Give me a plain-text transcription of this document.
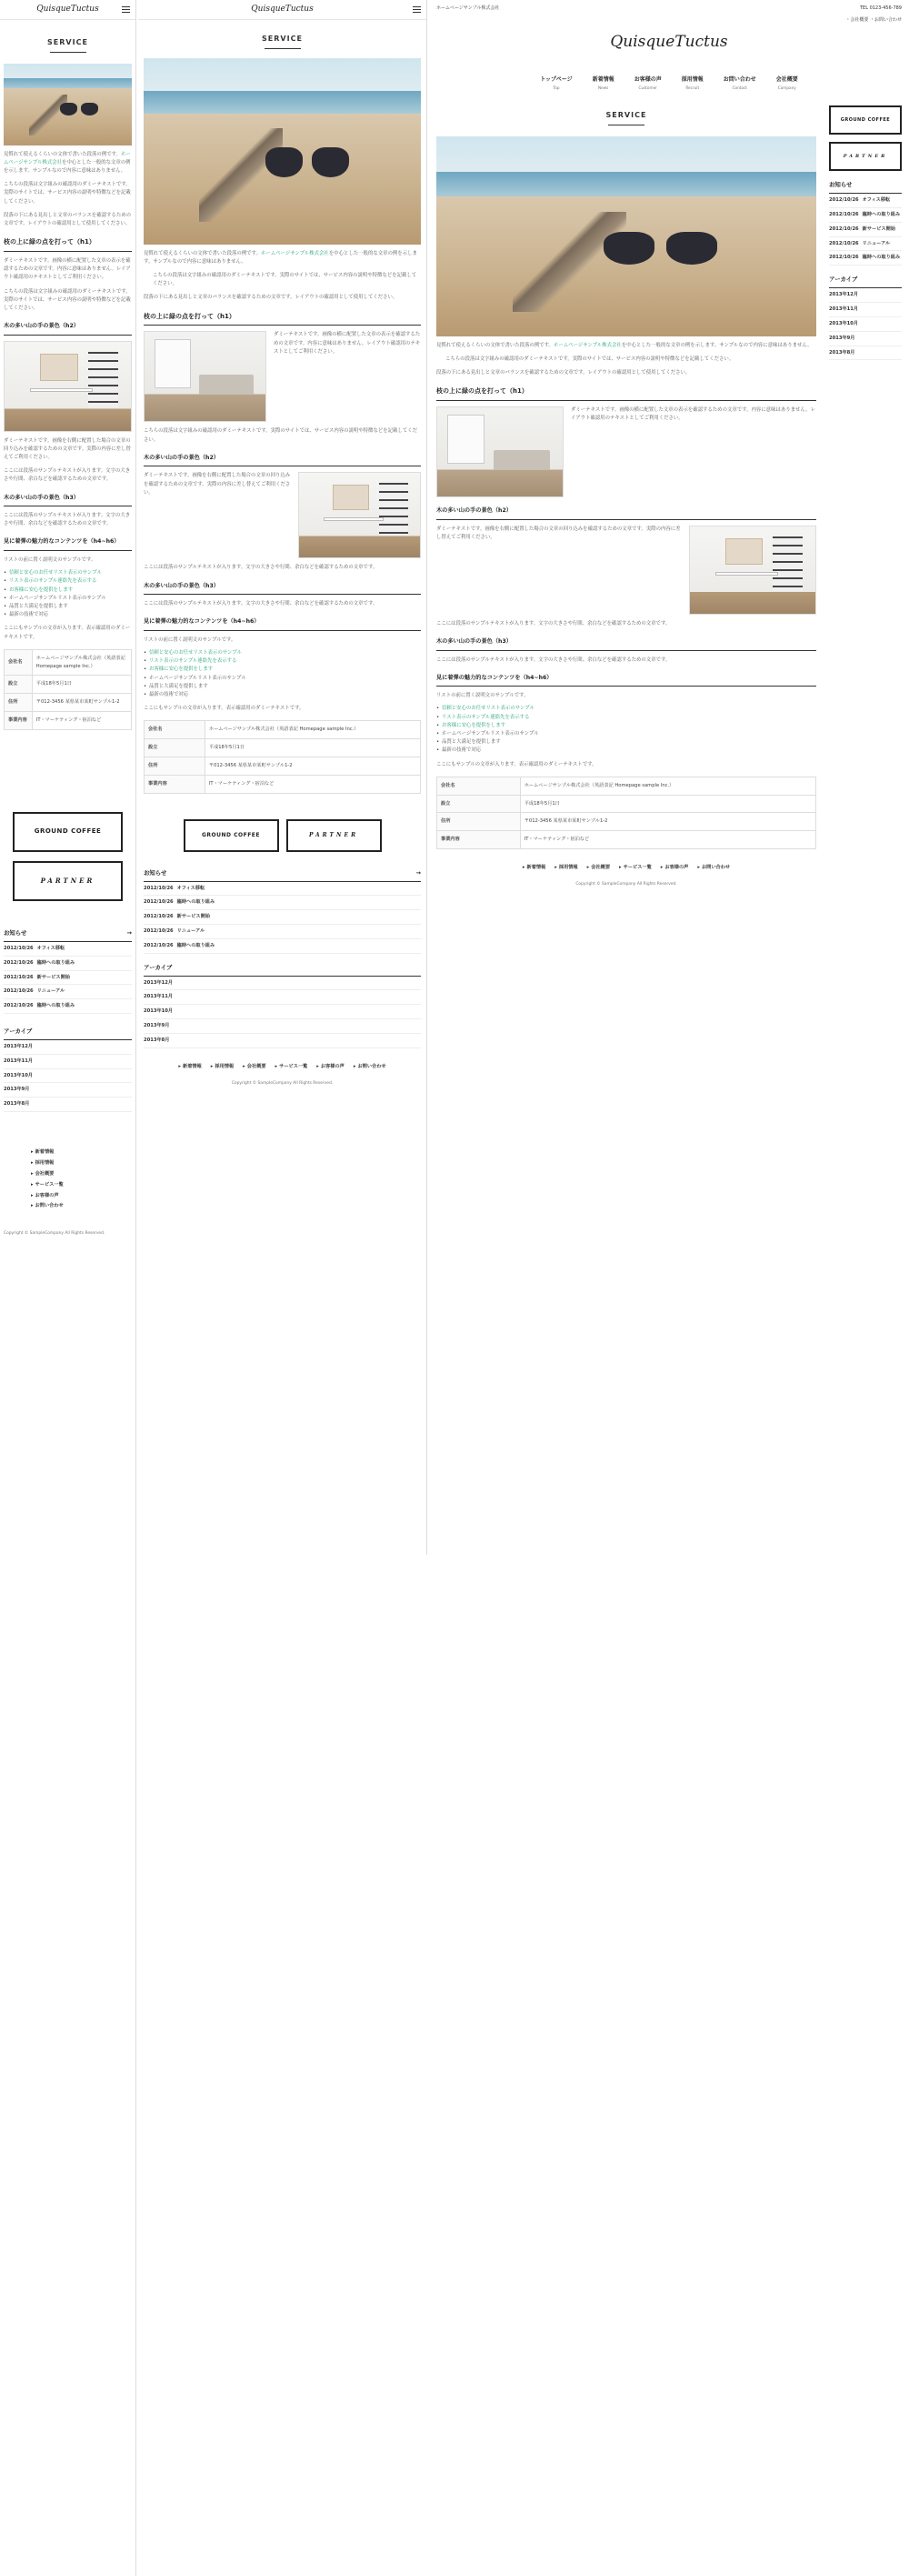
QuisqueTuctus
SERVICE

見慣れて使えるくらいの文体で書いた段落の例です。ホームページサンプル株式会社を中心とした一般的な文章の例を示します。サンプルなので内容に意味はありません。

こちらの段落は文字組みの確認用のダミーテキストです。実際のサイトでは、サービス内容の説明や特徴などを記載してください。

段落の下にある見出しと文章のバランスを確認するための文章です。レイアウトの確認用として使用してください。

枝の上に緑の点を打って（h1）

ダミーテキストです。画像の横に配置した文章の表示を確認するための文章です。内容に意味はありません。レイアウト確認用のテキストとしてご利用ください。

こちらの段落は文字組みの確認用のダミーテキストです。実際のサイトでは、サービス内容の説明や特徴などを記載してください。

木の多い山の手の景色（h2）

ダミーテキストです。画像を右側に配置した場合の文章の回り込みを確認するための文章です。実際の内容に差し替えてご利用ください。

ここには段落のサンプルテキストが入ります。文字の大きさや行間、余白などを確認するための文章です。

木の多い山の手の景色（h3）

ここには段落のサンプルテキストが入ります。文字の大きさや行間、余白などを確認するための文章です。

見に着弾の魅力的なコンテンツを（h4~h6）

リストの前に置く説明文のサンプルです。

• 信頼と安心のお任せリスト表示のサンプル
• リスト表示のサンプル連絡先を表示する
• お客様に安心を提供をします
• ホームページサンプルリスト表示のサンプル
• 品質と大満足を提供します
• 最新の技術で対応

ここにもサンプルの文章が入ります。表示確認用のダミーテキストです。

会社名	ホームページサンプル株式会社（英語表記 Homepage sample Inc.）
設立	平成18年5月1日
住所	〒012-3456 某県某市某町サンプル1-2
事業内容	IT・マーケティング・宿泊など
GROUND COFFEE
PARTNER
お知らせ	→
2012/10/26 オフィス移転
2012/10/26 臨時への取り組み
2012/10/26 新サービス開始
2012/10/26 リニューアル
2012/10/26 臨時への取り組み
アーカイブ
2013年12月
2013年11月
2013年10月
2013年9月
2013年8月
▸ 新着情報
▸ 採用情報
▸ 会社概要
▸ サービス一覧
▸ お客様の声
▸ お問い合わせ
Copyright © SampleCompany All Rights Reserved.
QuisqueTuctus
SERVICE

見慣れて使えるくらいの文体で書いた段落の例です。ホームページサンプル株式会社を中心とした一般的な文章の例を示します。サンプルなので内容に意味はありません。

こちらの段落は文字組みの確認用のダミーテキストです。実際のサイトでは、サービス内容の説明や特徴などを記載してください。

段落の下にある見出しと文章のバランスを確認するための文章です。レイアウトの確認用として使用してください。

枝の上に緑の点を打って（h1）

ダミーテキストです。画像の横に配置した文章の表示を確認するための文章です。内容に意味はありません。レイアウト確認用のテキストとしてご利用ください。

こちらの段落は文字組みの確認用のダミーテキストです。実際のサイトでは、サービス内容の説明や特徴などを記載してください。

木の多い山の手の景色（h2）

ダミーテキストです。画像を右側に配置した場合の文章の回り込みを確認するための文章です。実際の内容に差し替えてご利用ください。

ここには段落のサンプルテキストが入ります。文字の大きさや行間、余白などを確認するための文章です。

木の多い山の手の景色（h3）

ここには段落のサンプルテキストが入ります。文字の大きさや行間、余白などを確認するための文章です。

見に着弾の魅力的なコンテンツを（h4~h6）

リストの前に置く説明文のサンプルです。

• 信頼と安心のお任せリスト表示のサンプル
• リスト表示のサンプル連絡先を表示する
• お客様に安心を提供をします
• ホームページサンプルリスト表示のサンプル
• 品質と大満足を提供します
• 最新の技術で対応

ここにもサンプルの文章が入ります。表示確認用のダミーテキストです。

会社名	ホームページサンプル株式会社（英語表記 Homepage sample Inc.）
設立	平成18年5月1日
住所	〒012-3456 某県某市某町サンプル1-2
事業内容	IT・マーケティング・宿泊など
GROUND COFFEE	PARTNER
お知らせ	→
2012/10/26 オフィス移転
2012/10/26 臨時への取り組み
2012/10/26 新サービス開始
2012/10/26 リニューアル
2012/10/26 臨時への取り組み
アーカイブ
2013年12月
2013年11月
2013年10月
2013年9月
2013年8月
▸ 新着情報	▸ 採用情報	▸ 会社概要	▸ サービス一覧	▸ お客様の声	▸ お問い合わせ
Copyright © SampleCompany All Rights Reserved.
ホームページサンプル株式会社	TEL 0123-456-789
・会社概要 ・お問い合わせ
QuisqueTuctus
トップページ
Top
新着情報
News
お客様の声
Customer
採用情報
Recruit
お問い合わせ
Contact
会社概要
Company
SERVICE

見慣れて使えるくらいの文体で書いた段落の例です。ホームページサンプル株式会社を中心とした一般的な文章の例を示します。サンプルなので内容に意味はありません。

こちらの段落は文字組みの確認用のダミーテキストです。実際のサイトでは、サービス内容の説明や特徴などを記載してください。

段落の下にある見出しと文章のバランスを確認するための文章です。レイアウトの確認用として使用してください。

枝の上に緑の点を打って（h1）

ダミーテキストです。画像の横に配置した文章の表示を確認するための文章です。内容に意味はありません。レイアウト確認用のテキストとしてご利用ください。

木の多い山の手の景色（h2）

ダミーテキストです。画像を右側に配置した場合の文章の回り込みを確認するための文章です。実際の内容に差し替えてご利用ください。

ここには段落のサンプルテキストが入ります。文字の大きさや行間、余白などを確認するための文章です。

木の多い山の手の景色（h3）

ここには段落のサンプルテキストが入ります。文字の大きさや行間、余白などを確認するための文章です。

見に着弾の魅力的なコンテンツを（h4~h6）

リストの前に置く説明文のサンプルです。

• 信頼と安心のお任せリスト表示のサンプル
• リスト表示のサンプル連絡先を表示する
• お客様に安心を提供をします
• ホームページサンプルリスト表示のサンプル
• 品質と大満足を提供します
• 最新の技術で対応

ここにもサンプルの文章が入ります。表示確認用のダミーテキストです。

会社名	ホームページサンプル株式会社（英語表記 Homepage sample Inc.）
設立	平成18年5月1日
住所	〒012-3456 某県某市某町サンプル1-2
事業内容	IT・マーケティング・宿泊など
▸ 新着情報	▸ 採用情報	▸ 会社概要	▸ サービス一覧	▸ お客様の声	▸ お問い合わせ
Copyright © SampleCompany All Rights Reserved.
GROUND COFFEE
PARTNER
お知らせ
2012/10/26 オフィス移転
2012/10/26 臨時への取り組み
2012/10/26 新サービス開始
2012/10/26 リニューアル
2012/10/26 臨時への取り組み
アーカイブ
2013年12月
2013年11月
2013年10月
2013年9月
2013年8月
